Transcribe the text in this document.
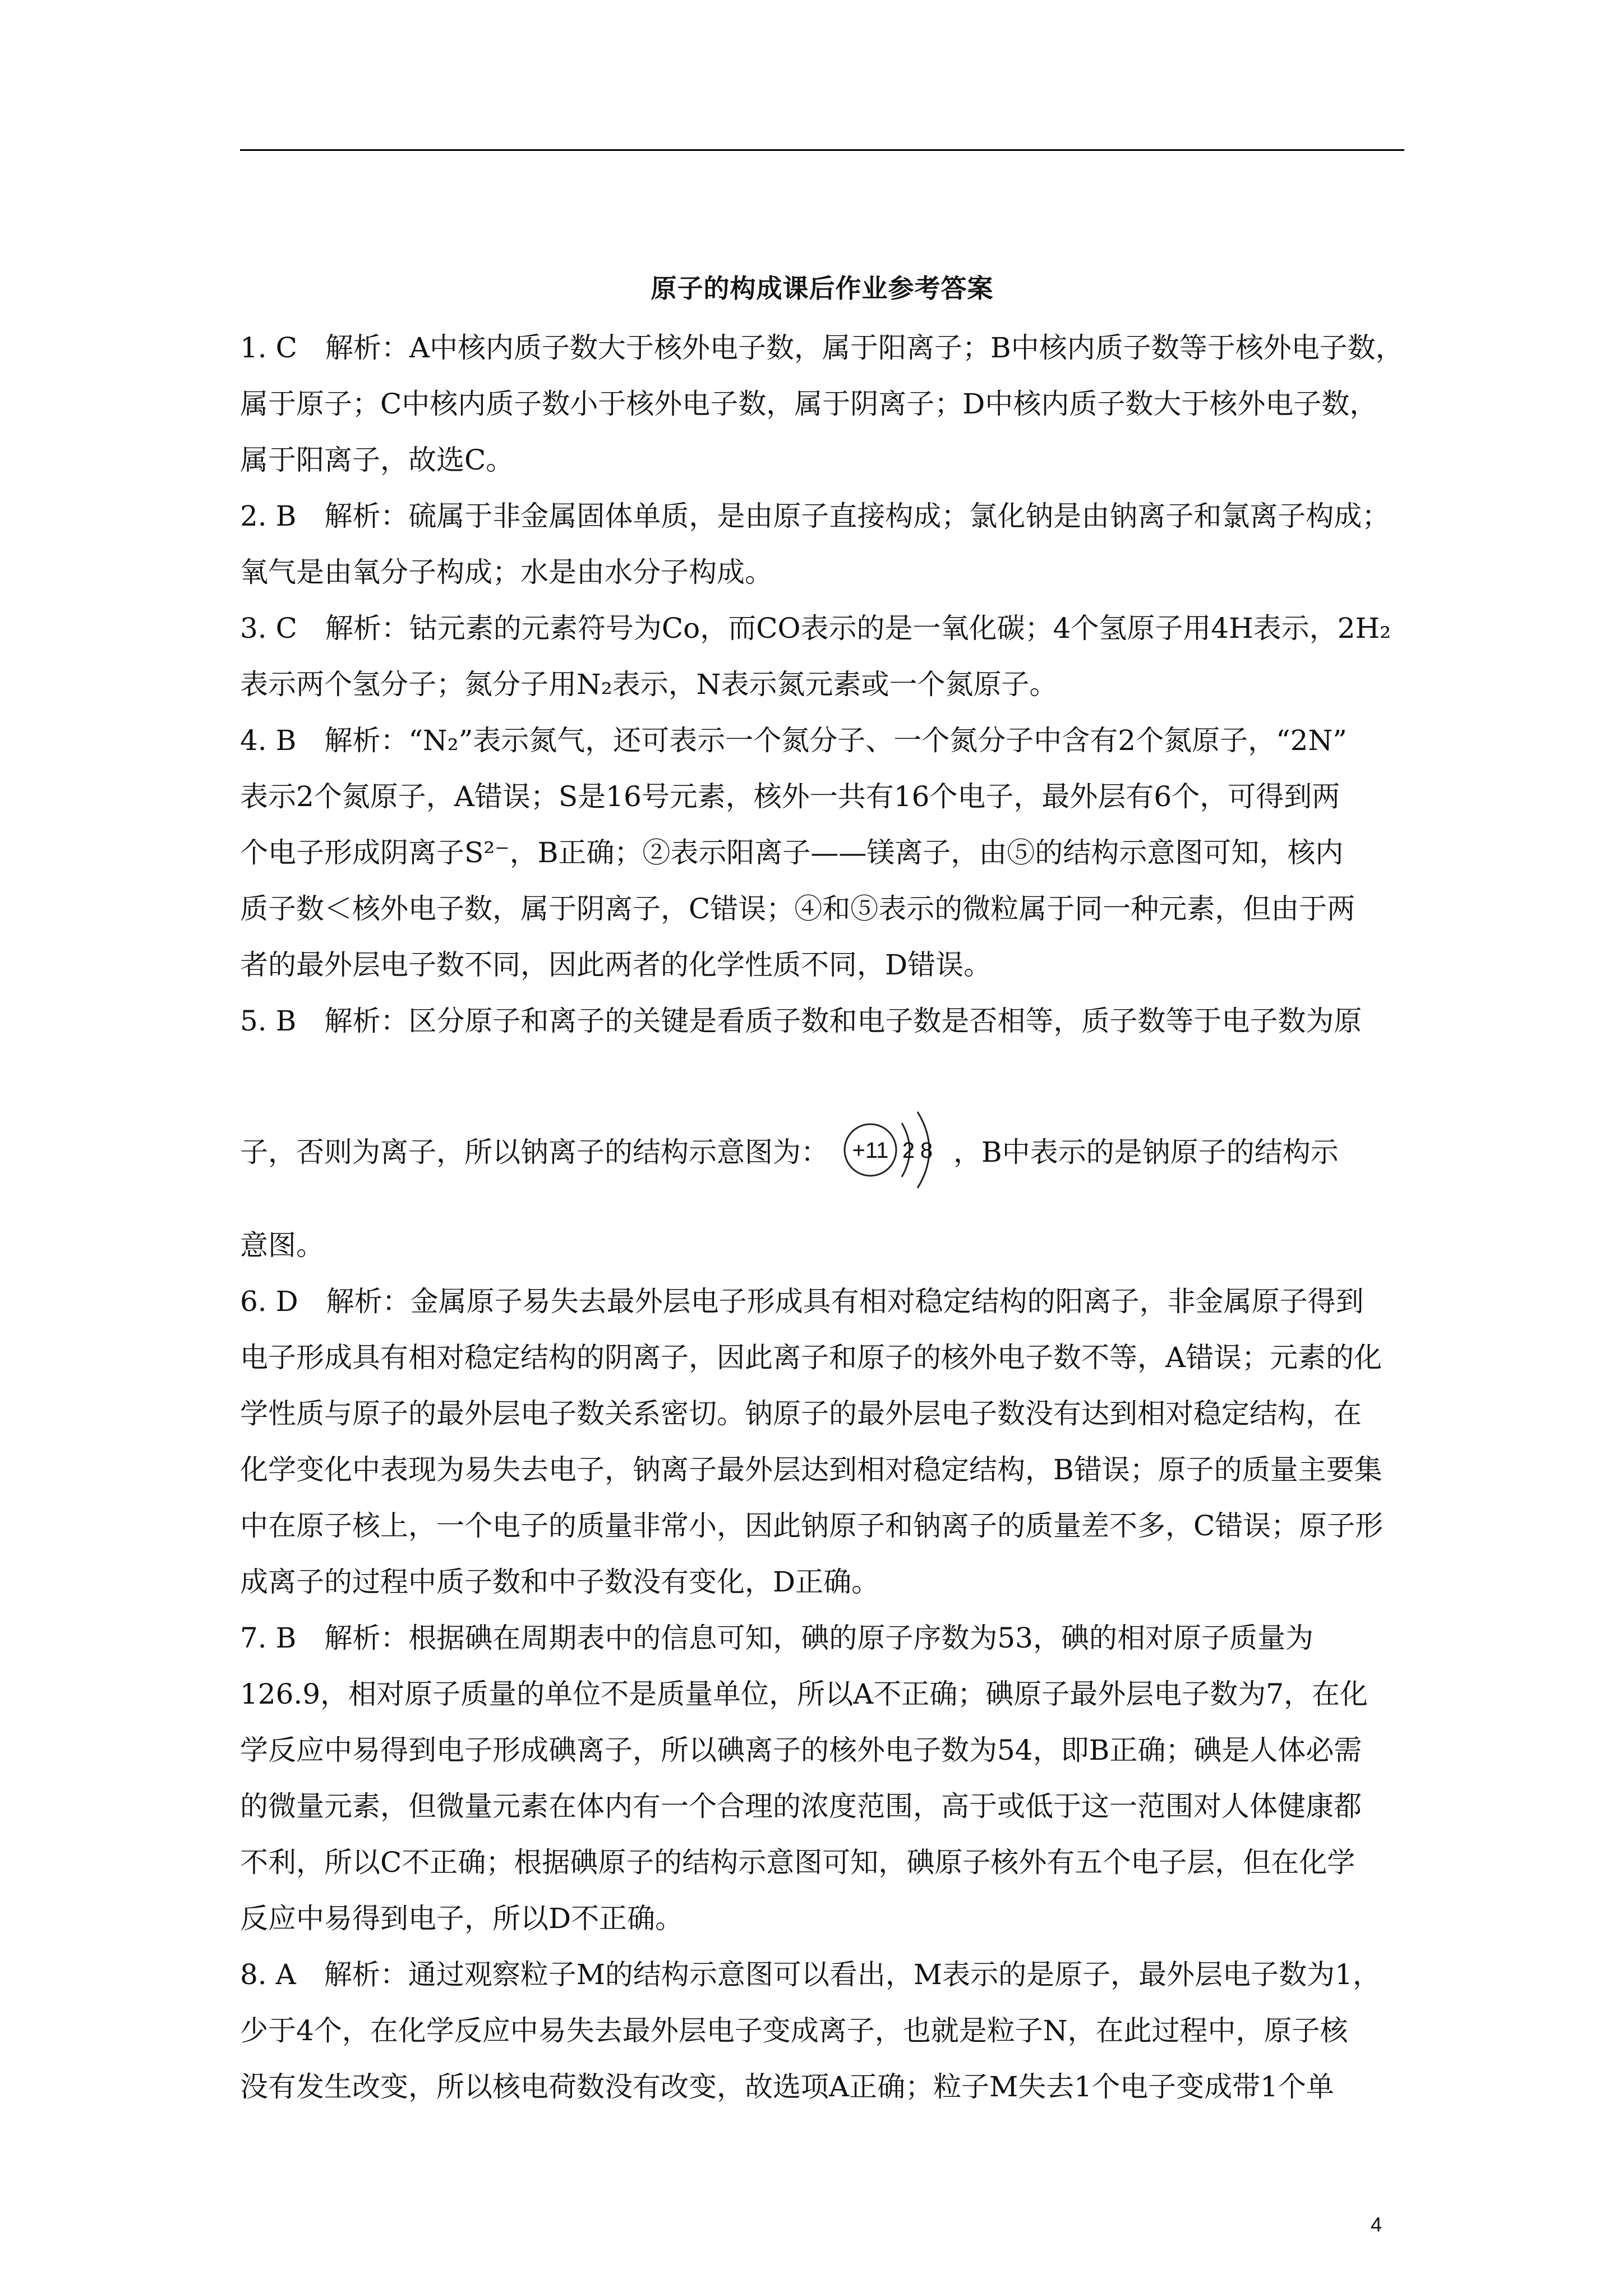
原子的构成课后作业参考答案
1. C　解析：A中核内质子数大于核外电子数，属于阳离子；B中核内质子数等于核外电子数，
属于原子；C中核内质子数小于核外电子数，属于阴离子；D中核内质子数大于核外电子数，
属于阳离子，故选C。
2. B　解析：硫属于非金属固体单质，是由原子直接构成；氯化钠是由钠离子和氯离子构成；
氧气是由氧分子构成；水是由水分子构成。
3. C　解析：钴元素的元素符号为Co，而CO表示的是一氧化碳；4个氢原子用4H表示，2H₂
表示两个氢分子；氮分子用N₂表示，N表示氮元素或一个氮原子。
4. B　解析：“N₂”表示氮气，还可表示一个氮分子、一个氮分子中含有2个氮原子，“2N”
表示2个氮原子，A错误；S是16号元素，核外一共有16个电子，最外层有6个，可得到两
个电子形成阴离子S²⁻，B正确；②表示阳离子——镁离子，由⑤的结构示意图可知，核内
质子数＜核外电子数，属于阴离子，C错误；④和⑤表示的微粒属于同一种元素，但由于两
者的最外层电子数不同，因此两者的化学性质不同，D错误。
5. B　解析：区分原子和离子的关键是看质子数和电子数是否相等，质子数等于电子数为原
子，否则为离子，所以钠离子的结构示意图为： +11 2 8 ，B中表示的是钠原子的结构示
意图。
6. D　解析：金属原子易失去最外层电子形成具有相对稳定结构的阳离子，非金属原子得到
电子形成具有相对稳定结构的阴离子，因此离子和原子的核外电子数不等，A错误；元素的化
学性质与原子的最外层电子数关系密切。钠原子的最外层电子数没有达到相对稳定结构，在
化学变化中表现为易失去电子，钠离子最外层达到相对稳定结构，B错误；原子的质量主要集
中在原子核上，一个电子的质量非常小，因此钠原子和钠离子的质量差不多，C错误；原子形
成离子的过程中质子数和中子数没有变化，D正确。
7. B　解析：根据碘在周期表中的信息可知，碘的原子序数为53，碘的相对原子质量为
126.9，相对原子质量的单位不是质量单位，所以A不正确；碘原子最外层电子数为7，在化
学反应中易得到电子形成碘离子，所以碘离子的核外电子数为54，即B正确；碘是人体必需
的微量元素，但微量元素在体内有一个合理的浓度范围，高于或低于这一范围对人体健康都
不利，所以C不正确；根据碘原子的结构示意图可知，碘原子核外有五个电子层，但在化学
反应中易得到电子，所以D不正确。
8. A　解析：通过观察粒子M的结构示意图可以看出，M表示的是原子，最外层电子数为1，
少于4个，在化学反应中易失去最外层电子变成离子，也就是粒子N，在此过程中，原子核
没有发生改变，所以核电荷数没有改变，故选项A正确；粒子M失去1个电子变成带1个单
4
